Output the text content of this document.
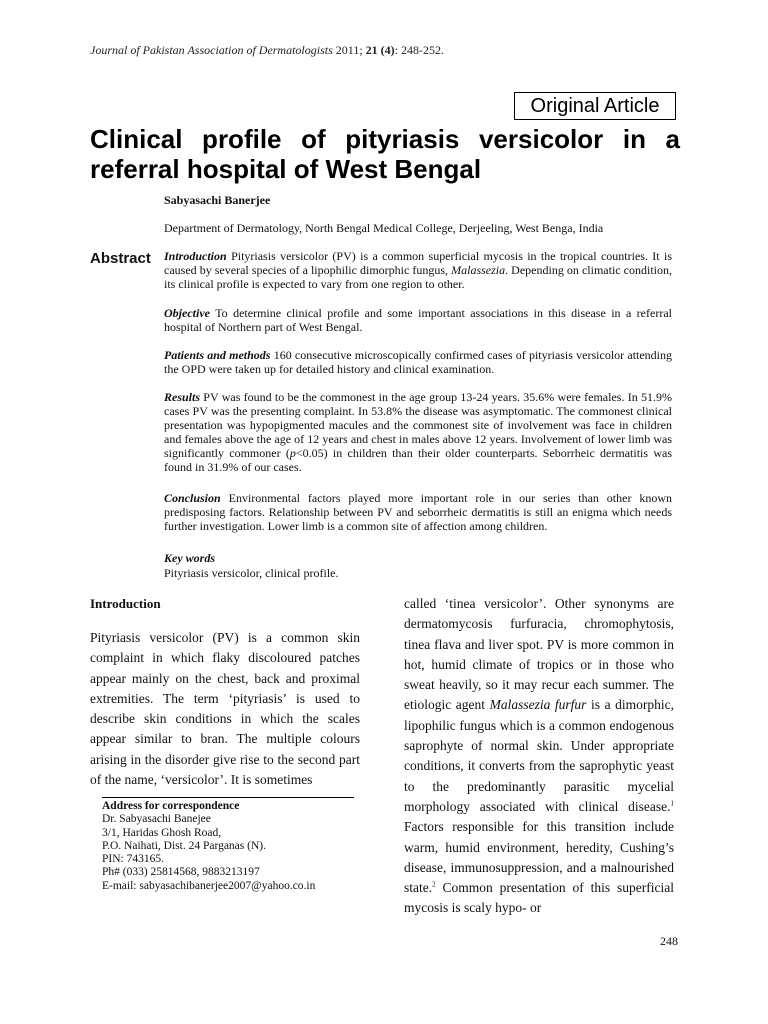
Journal of Pakistan Association of Dermatologists 2011; 21 (4): 248-252.
Original Article
Clinical profile of pityriasis versicolor in a
referral hospital of West Bengal
Sabyasachi Banerjee
Department of Dermatology, North Bengal Medical College, Derjeeling, West Benga, India
Abstract Introduction Pityriasis versicolor (PV) is a common superficial mycosis in the tropical countries. It is caused by several species of a lipophilic dimorphic fungus, Malassezia. Depending on climatic condition, its clinical profile is expected to vary from one region to other.
Objective To determine clinical profile and some important associations in this disease in a referral hospital of Northern part of West Bengal.
Patients and methods 160 consecutive microscopically confirmed cases of pityriasis versicolor attending the OPD were taken up for detailed history and clinical examination.
Results PV was found to be the commonest in the age group 13-24 years. 35.6% were females. In 51.9% cases PV was the presenting complaint. In 53.8% the disease was asymptomatic. The commonest clinical presentation was hypopigmented macules and the commonest site of involvement was face in children and females above the age of 12 years and chest in males above 12 years. Involvement of lower limb was significantly commoner (p<0.05) in children than their older counterparts. Seborrheic dermatitis was found in 31.9% of our cases.
Conclusion Environmental factors played more important role in our series than other known predisposing factors. Relationship between PV and seborrheic dermatitis is still an enigma which needs further investigation. Lower limb is a common site of affection among children.
Key words
Pityriasis versicolor, clinical profile.
Introduction
Pityriasis versicolor (PV) is a common skin complaint in which flaky discoloured patches appear mainly on the chest, back and proximal extremities. The term ‘pityriasis’ is used to describe skin conditions in which the scales appear similar to bran. The multiple colours arising in the disorder give rise to the second part of the name, ‘versicolor’. It is sometimes
called ‘tinea versicolor’. Other synonyms are dermatomycosis furfuracia, chromophytosis, tinea flava and liver spot. PV is more common in hot, humid climate of tropics or in those who sweat heavily, so it may recur each summer. The etiologic agent Malassezia furfur is a dimorphic, lipophilic fungus which is a common endogenous saprophyte of normal skin. Under appropriate conditions, it converts from the saprophytic yeast to the predominantly parasitic mycelial morphology associated with clinical disease.$^1$ Factors responsible for this transition include warm, humid environment, heredity, Cushing’s disease, immunosuppression, and a malnourished state.$^2$ Common presentation of this superficial mycosis is scaly hypo- or
Address for correspondence
Dr. Sabyasachi Banejee
3/1, Haridas Ghosh Road,
P.O. Naihati, Dist. 24 Parganas (N).
PIN: 743165.
Ph# (033) 25814568, 9883213197
E-mail: sabyasachibanerjee2007@yahoo.co.in
248
